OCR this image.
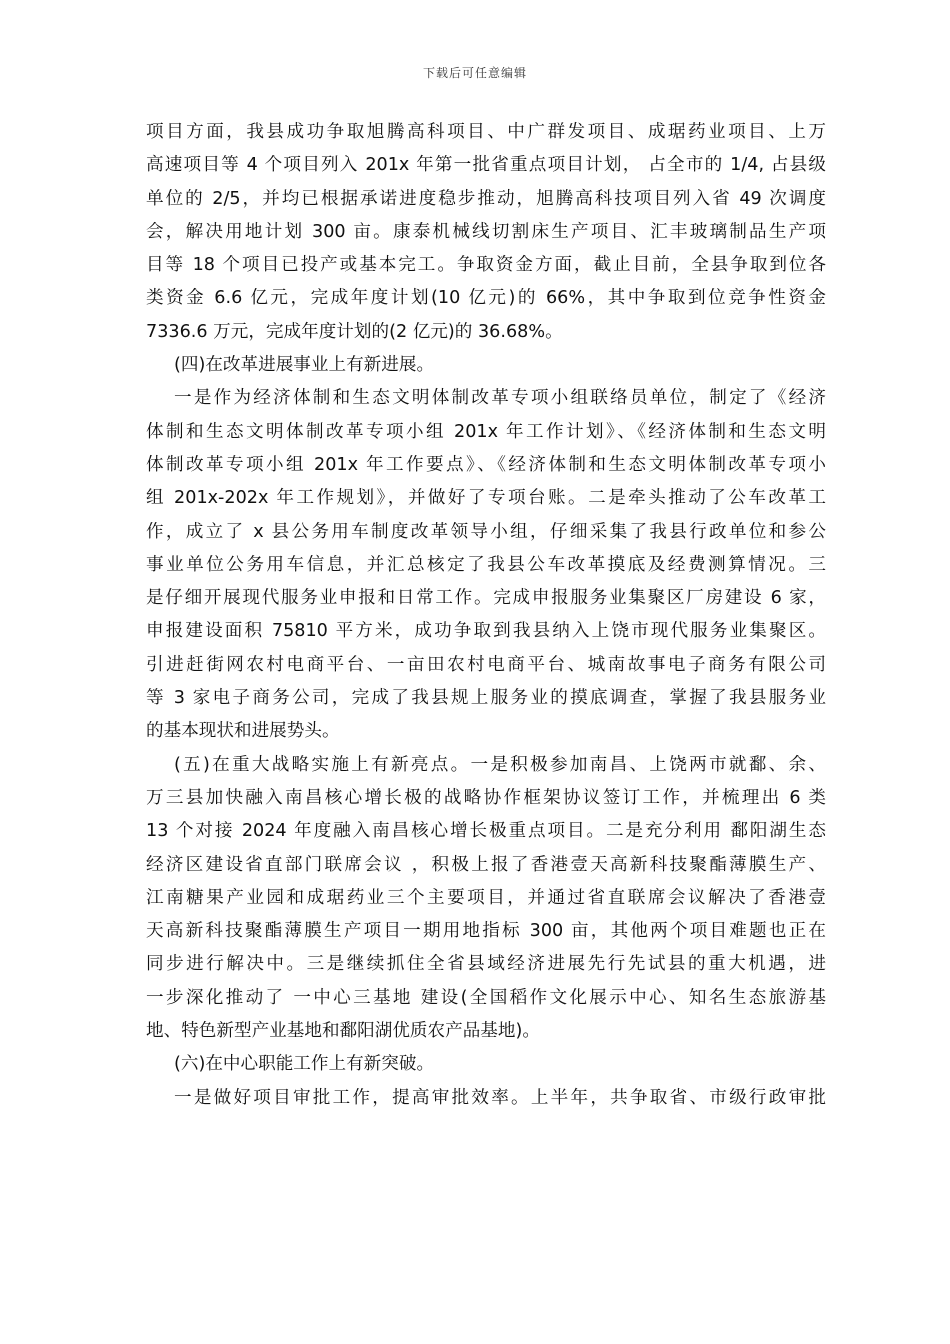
下载后可任意编辑
项目方面，我县成功争取旭腾高科项目、中广群发项目、成琚药业项目、上万
高速项目等 4 个项目列入 201x 年第一批省重点项目计划， 占全市的 1/4, 占县级
单位的 2/5，并均已根据承诺进度稳步推动，旭腾高科技项目列入省 49 次调度
会，解决用地计划 300 亩。康泰机械线切割床生产项目、汇丰玻璃制品生产项
目等 18 个项目已投产或基本完工。争取资金方面，截止目前，全县争取到位各
类资金 6.6 亿元，完成年度计划(10 亿元)的 66%，其中争取到位竞争性资金
7336.6 万元，完成年度计划的(2 亿元)的 36.68%。
(四)在改革进展事业上有新进展。
一是作为经济体制和生态文明体制改革专项小组联络员单位，制定了《经济
体制和生态文明体制改革专项小组 201x 年工作计划》、《经济体制和生态文明
体制改革专项小组 201x 年工作要点》、《经济体制和生态文明体制改革专项小
组 201x-202x 年工作规划》，并做好了专项台账。二是牵头推动了公车改革工
作，成立了 x 县公务用车制度改革领导小组，仔细采集了我县行政单位和参公
事业单位公务用车信息，并汇总核定了我县公车改革摸底及经费测算情况。三
是仔细开展现代服务业申报和日常工作。完成申报服务业集聚区厂房建设 6 家，
申报建设面积 75810 平方米，成功争取到我县纳入上饶市现代服务业集聚区。
引进赶街网农村电商平台、一亩田农村电商平台、城南故事电子商务有限公司
等 3 家电子商务公司，完成了我县规上服务业的摸底调查，掌握了我县服务业
的基本现状和进展势头。
(五)在重大战略实施上有新亮点。一是积极参加南昌、上饶两市就鄱、余、
万三县加快融入南昌核心增长极的战略协作框架协议签订工作，并梳理出 6 类
13 个对接 2024 年度融入南昌核心增长极重点项目。二是充分利用 鄱阳湖生态
经济区建设省直部门联席会议 ，积极上报了香港壹天高新科技聚酯薄膜生产、
江南糖果产业园和成琚药业三个主要项目，并通过省直联席会议解决了香港壹
天高新科技聚酯薄膜生产项目一期用地指标 300 亩，其他两个项目难题也正在
同步进行解决中。三是继续抓住全省县域经济进展先行先试县的重大机遇，进
一步深化推动了 一中心三基地 建设(全国稻作文化展示中心、知名生态旅游基
地、特色新型产业基地和鄱阳湖优质农产品基地)。
(六)在中心职能工作上有新突破。
一是做好项目审批工作，提高审批效率。上半年，共争取省、市级行政审批
